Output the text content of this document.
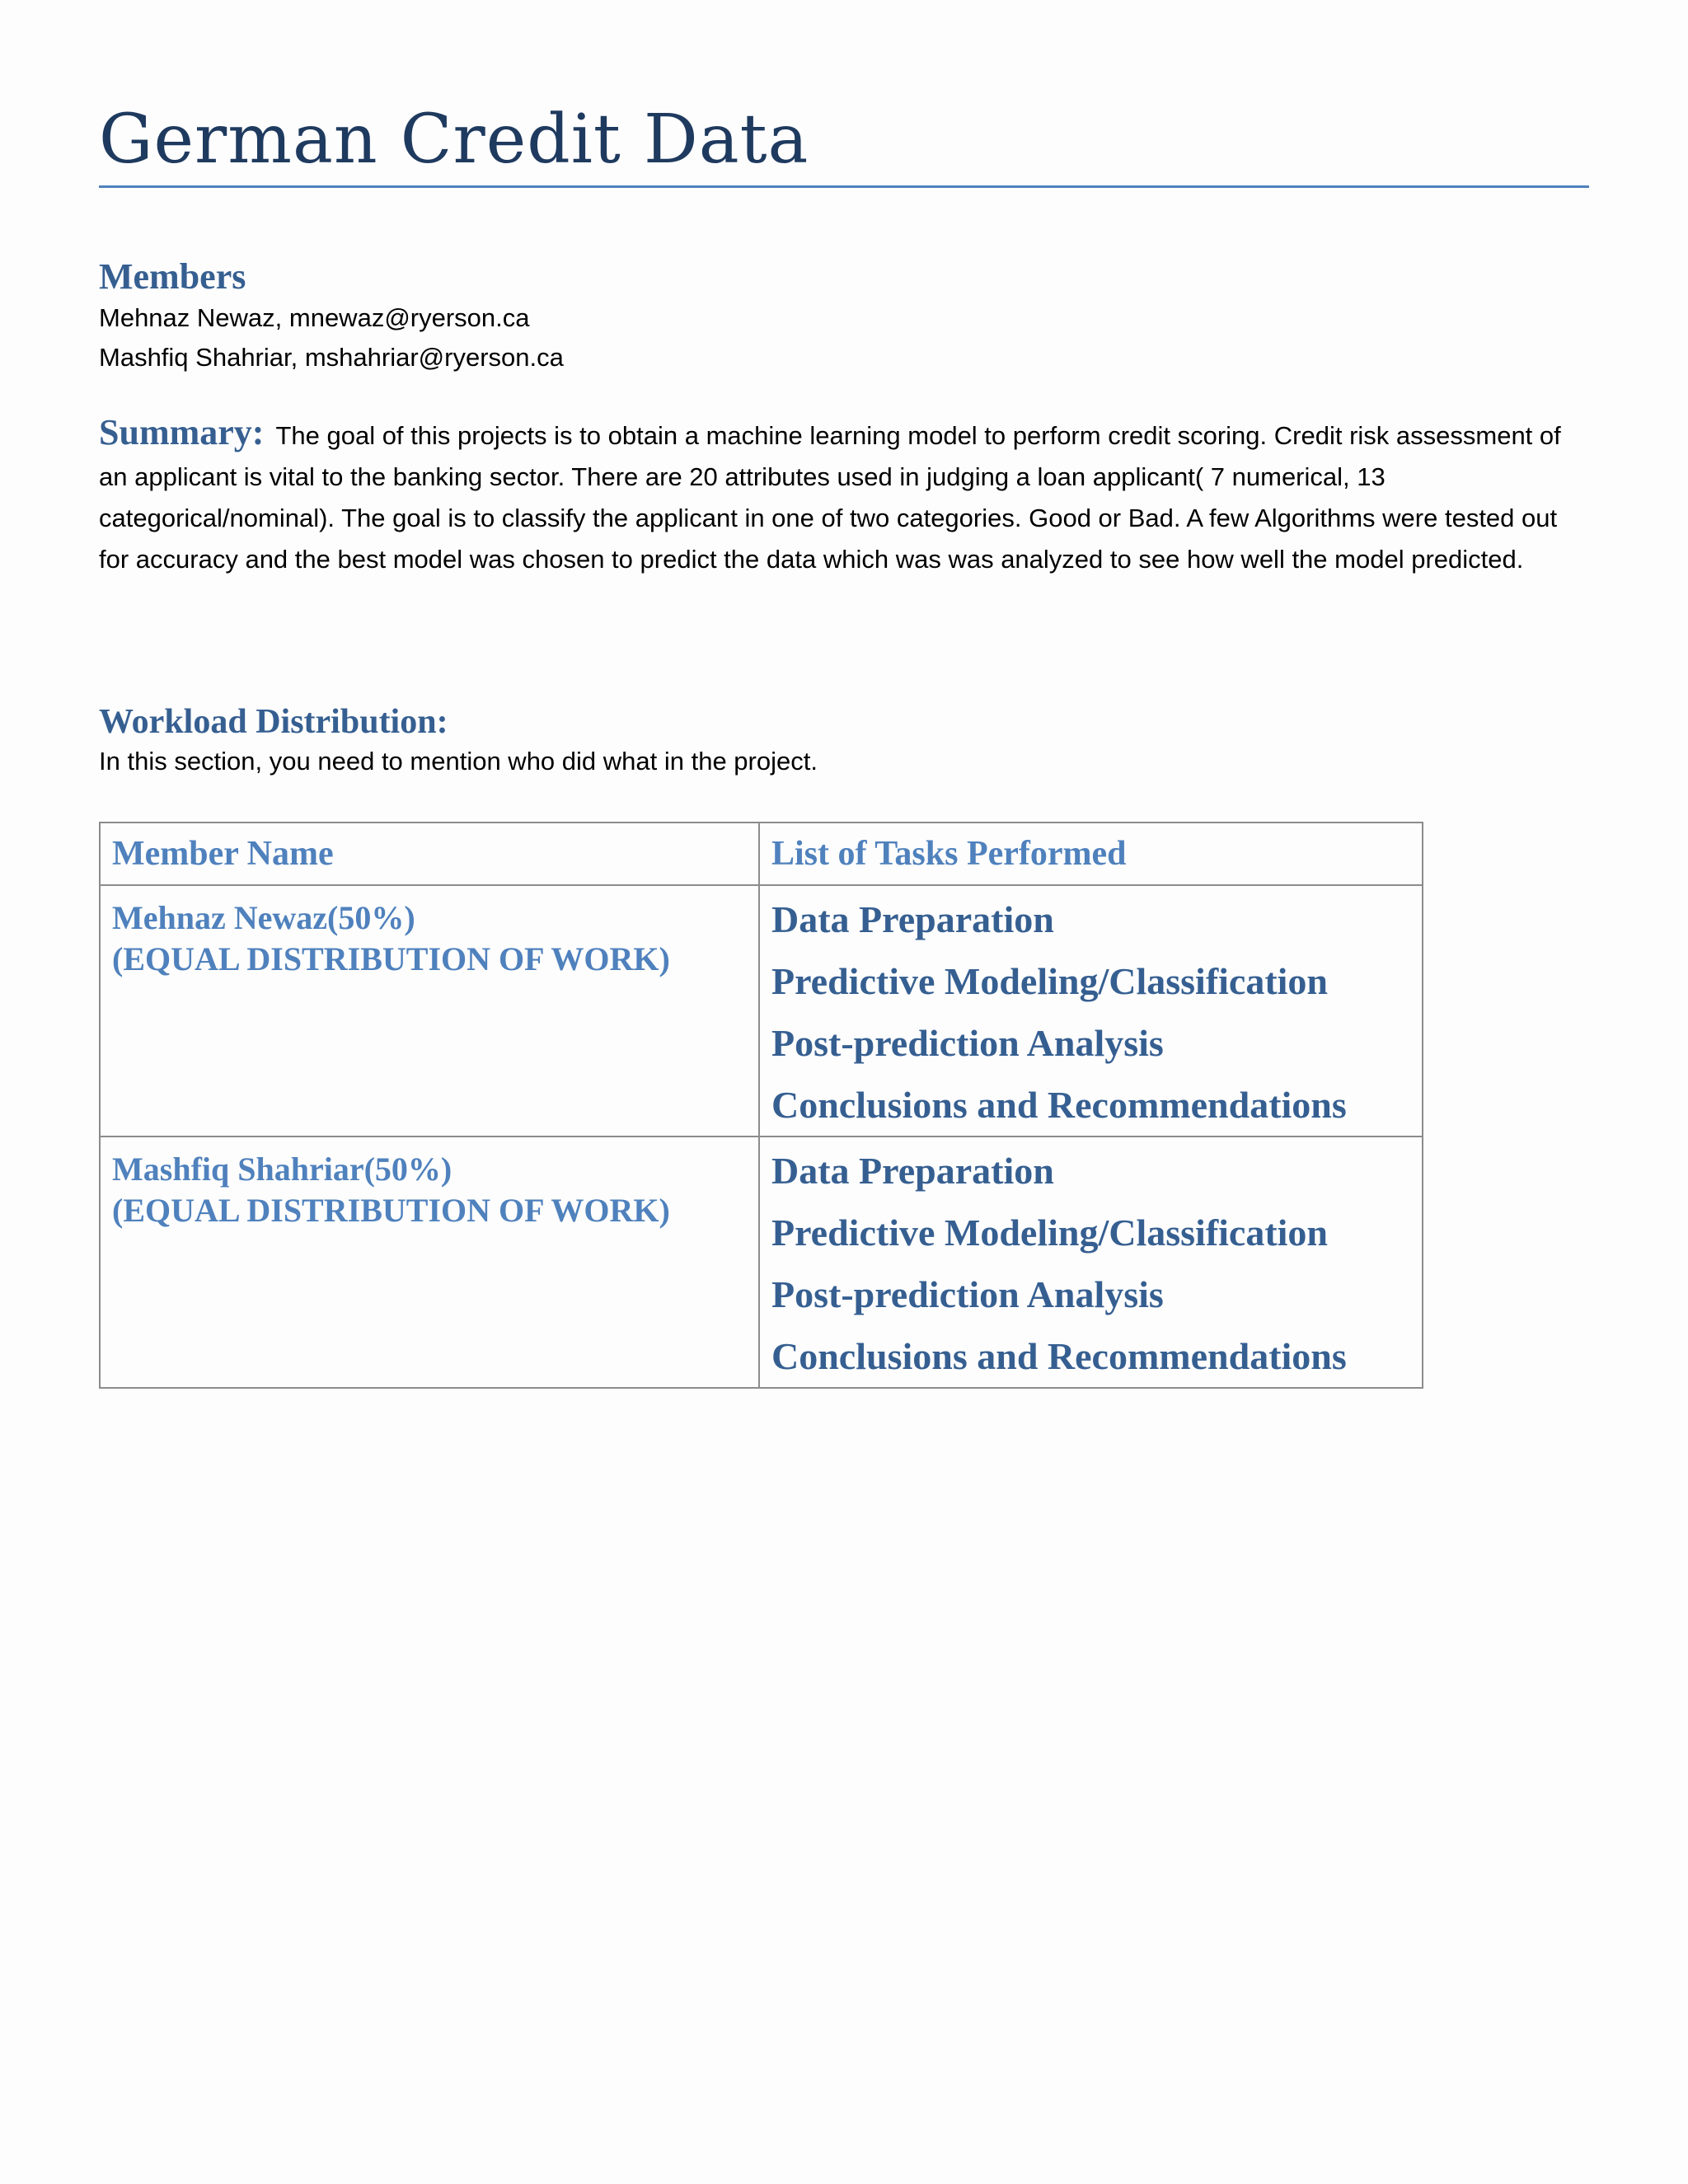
German Credit Data
Members
Mehnaz Newaz, mnewaz@ryerson.ca
Mashfiq Shahriar, mshahriar@ryerson.ca
Summary: The goal of this projects is to obtain a machine learning model to perform credit scoring. Credit risk assessment of an applicant is vital to the banking sector. There are 20 attributes used in judging a loan applicant( 7 numerical, 13 categorical/nominal). The goal is to classify the applicant in one of two categories. Good or Bad. A few Algorithms were tested out for accuracy and the best model was chosen to predict the data which was was analyzed to see how well the model predicted.
Workload Distribution:
In this section, you need to mention who did what in the project.
Member Name	List of Tasks Performed

Mehnaz Newaz(50%)
(EQUAL DISTRIBUTION OF WORK)	Data Preparation
Predictive Modeling/Classification
Post-prediction Analysis
Conclusions and Recommendations

Mashfiq Shahriar(50%)
(EQUAL DISTRIBUTION OF WORK)	Data Preparation
Predictive Modeling/Classification
Post-prediction Analysis
Conclusions and Recommendations
